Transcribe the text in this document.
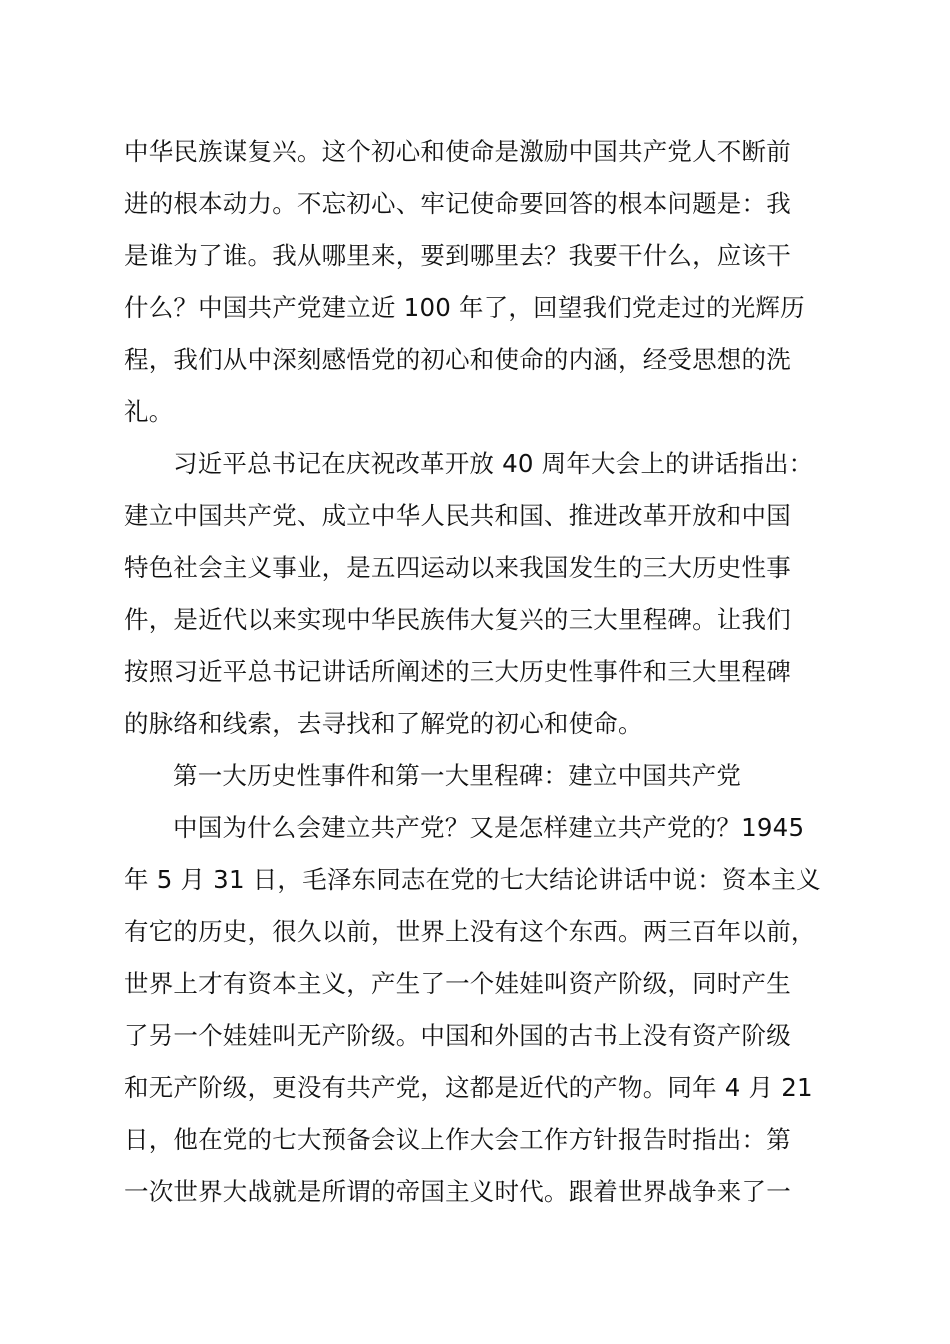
中华民族谋复兴。这个初心和使命是激励中国共产党人不断前
进的根本动力。不忘初心、牢记使命要回答的根本问题是：我
是谁为了谁。我从哪里来，要到哪里去？我要干什么，应该干
什么？中国共产党建立近 100 年了，回望我们党走过的光辉历
程，我们从中深刻感悟党的初心和使命的内涵，经受思想的洗
礼。
习近平总书记在庆祝改革开放 40 周年大会上的讲话指出：
建立中国共产党、成立中华人民共和国、推进改革开放和中国
特色社会主义事业，是五四运动以来我国发生的三大历史性事
件，是近代以来实现中华民族伟大复兴的三大里程碑。让我们
按照习近平总书记讲话所阐述的三大历史性事件和三大里程碑
的脉络和线索，去寻找和了解党的初心和使命。
第一大历史性事件和第一大里程碑：建立中国共产党
中国为什么会建立共产党？又是怎样建立共产党的？1945
年 5 月 31 日，毛泽东同志在党的七大结论讲话中说：资本主义
有它的历史，很久以前，世界上没有这个东西。两三百年以前，
世界上才有资本主义，产生了一个娃娃叫资产阶级，同时产生
了另一个娃娃叫无产阶级。中国和外国的古书上没有资产阶级
和无产阶级，更没有共产党，这都是近代的产物。同年 4 月 21
日，他在党的七大预备会议上作大会工作方针报告时指出：第
一次世界大战就是所谓的帝国主义时代。跟着世界战争来了一
